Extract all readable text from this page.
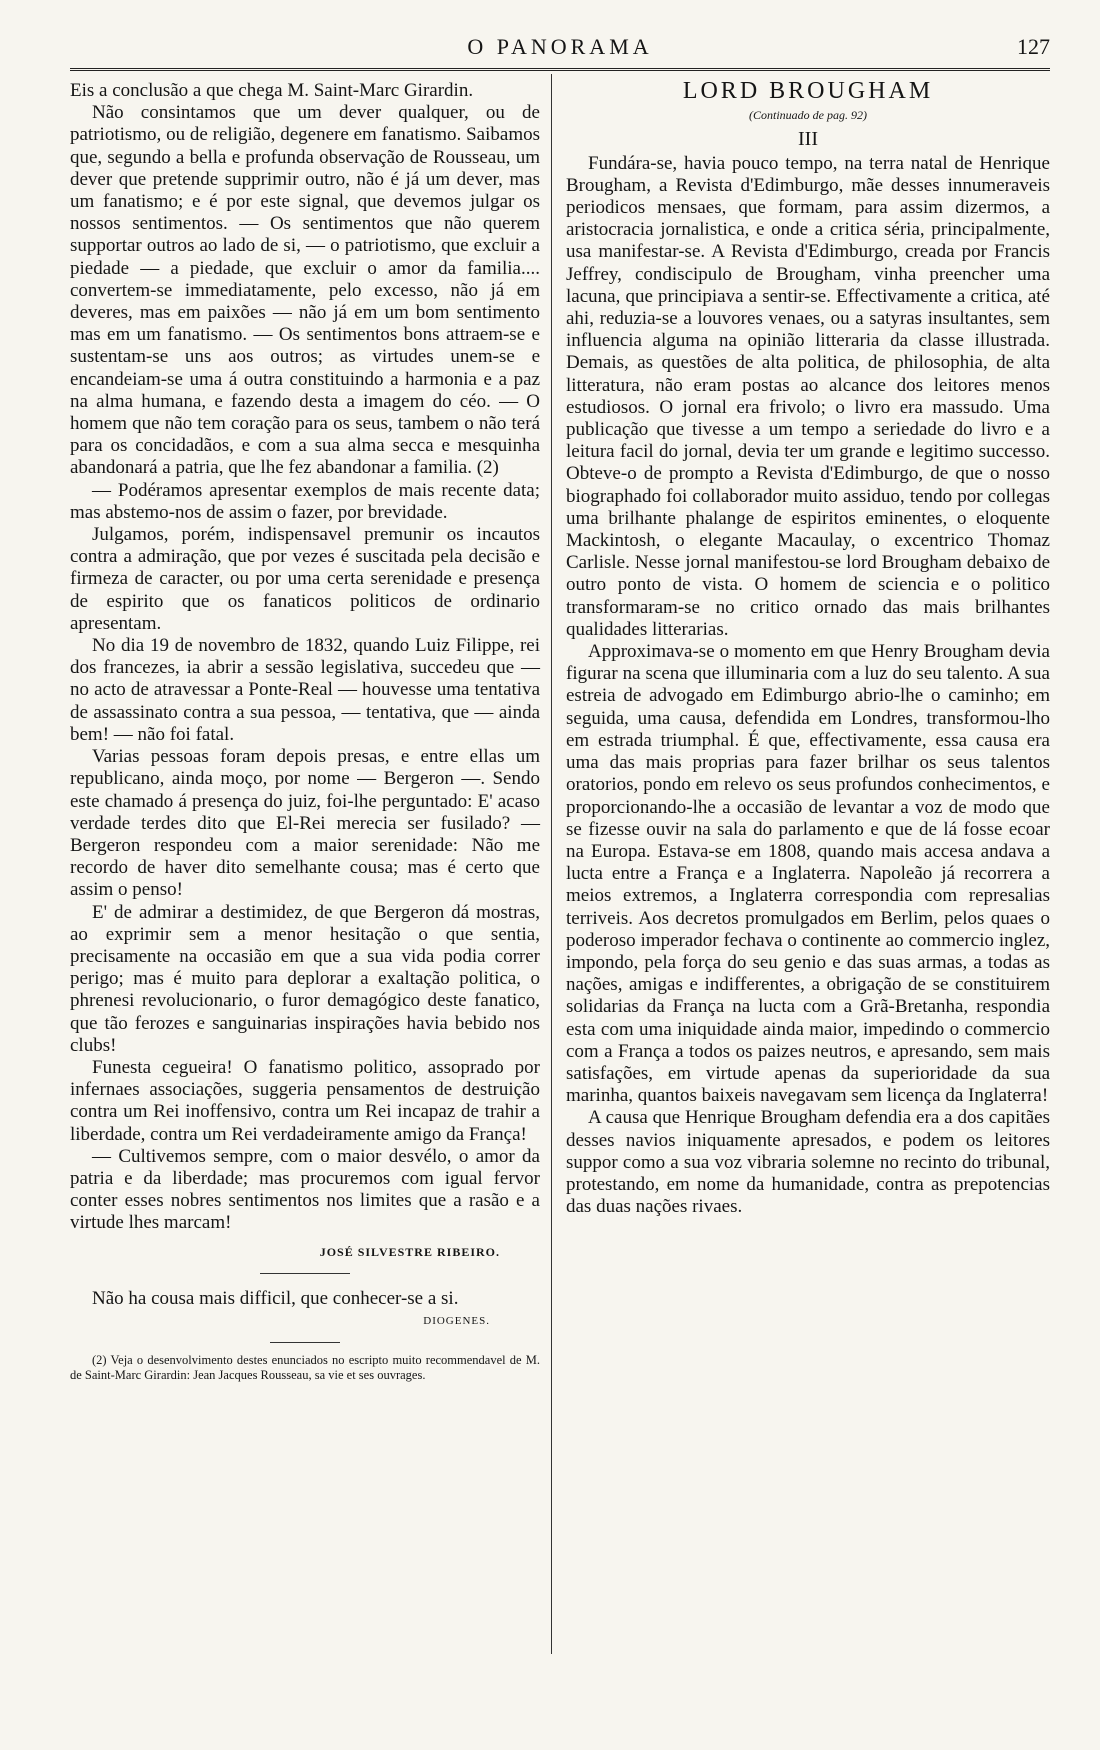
O PANORAMA	127

Eis a conclusão a que chega M. Saint-Marc Girardin.

Não consintamos que um dever qualquer, ou de patriotismo, ou de religião, degenere em fanatismo. Saibamos que, segundo a bella e profunda observação de Rousseau, um dever que pretende supprimir outro, não é já um dever, mas um fanatismo; e é por este signal, que devemos julgar os nossos sentimentos. — Os sentimentos que não querem supportar outros ao lado de si, — o patriotismo, que excluir a piedade — a piedade, que excluir o amor da familia.... convertem-se immediatamente, pelo excesso, não já em deveres, mas em paixões — não já em um bom sentimento mas em um fanatismo. — Os sentimentos bons attraem-se e sustentam-se uns aos outros; as virtudes unem-se e encandeiam-se uma á outra constituindo a harmonia e a paz na alma humana, e fazendo desta a imagem do céo. — O homem que não tem coração para os seus, tambem o não terá para os concidadãos, e com a sua alma secca e mesquinha abandonará a patria, que lhe fez abandonar a familia. (2)

— Podéramos apresentar exemplos de mais recente data; mas abstemo-nos de assim o fazer, por brevidade.

Julgamos, porém, indispensavel premunir os incautos contra a admiração, que por vezes é suscitada pela decisão e firmeza de caracter, ou por uma certa serenidade e presença de espirito que os fanaticos politicos de ordinario apresentam.

No dia 19 de novembro de 1832, quando Luiz Filippe, rei dos francezes, ia abrir a sessão legislativa, succedeu que — no acto de atravessar a Ponte-Real — houvesse uma tentativa de assassinato contra a sua pessoa, — tentativa, que — ainda bem! — não foi fatal.

Varias pessoas foram depois presas, e entre ellas um republicano, ainda moço, por nome — Bergeron —. Sendo este chamado á presença do juiz, foi-lhe perguntado: E' acaso verdade terdes dito que El-Rei merecia ser fusilado? — Bergeron respondeu com a maior serenidade: Não me recordo de haver dito semelhante cousa; mas é certo que assim o penso!

E' de admirar a destimidez, de que Bergeron dá mostras, ao exprimir sem a menor hesitação o que sentia, precisamente na occasião em que a sua vida podia correr perigo; mas é muito para deplorar a exaltação politica, o phrenesi revolucionario, o furor demagógico deste fanatico, que tão ferozes e sanguinarias inspirações havia bebido nos clubs!

Funesta cegueira! O fanatismo politico, assoprado por infernaes associações, suggeria pensamentos de destruição contra um Rei inoffensivo, contra um Rei incapaz de trahir a liberdade, contra um Rei verdadeiramente amigo da França!

— Cultivemos sempre, com o maior desvélo, o amor da patria e da liberdade; mas procuremos com igual fervor conter esses nobres sentimentos nos limites que a rasão e a virtude lhes marcam!

JOSÉ SILVESTRE RIBEIRO.

Não ha cousa mais difficil, que conhecer-se a si.

DIOGENES.

(2) Veja o desenvolvimento destes enunciados no escripto muito recommendavel de M. de Saint-Marc Girardin: Jean Jacques Rousseau, sa vie et ses ouvrages.

LORD BROUGHAM
(Continuado de pag. 92)
III

Fundára-se, havia pouco tempo, na terra natal de Henrique Brougham, a Revista d'Edimburgo, mãe desses innumeraveis periodicos mensaes, que formam, para assim dizermos, a aristocracia jornalistica, e onde a critica séria, principalmente, usa manifestar-se. A Revista d'Edimburgo, creada por Francis Jeffrey, condiscipulo de Brougham, vinha preencher uma lacuna, que principiava a sentir-se. Effectivamente a critica, até ahi, reduzia-se a louvores venaes, ou a satyras insultantes, sem influencia alguma na opinião litteraria da classe illustrada. Demais, as questões de alta politica, de philosophia, de alta litteratura, não eram postas ao alcance dos leitores menos estudiosos. O jornal era frivolo; o livro era massudo. Uma publicação que tivesse a um tempo a seriedade do livro e a leitura facil do jornal, devia ter um grande e legitimo successo. Obteve-o de prompto a Revista d'Edimburgo, de que o nosso biographado foi collaborador muito assiduo, tendo por collegas uma brilhante phalange de espiritos eminentes, o eloquente Mackintosh, o elegante Macaulay, o excentrico Thomaz Carlisle. Nesse jornal manifestou-se lord Brougham debaixo de outro ponto de vista. O homem de sciencia e o politico transformaram-se no critico ornado das mais brilhantes qualidades litterarias.

Approximava-se o momento em que Henry Brougham devia figurar na scena que illuminaria com a luz do seu talento. A sua estreia de advogado em Edimburgo abrio-lhe o caminho; em seguida, uma causa, defendida em Londres, transformou-lho em estrada triumphal. É que, effectivamente, essa causa era uma das mais proprias para fazer brilhar os seus talentos oratorios, pondo em relevo os seus profundos conhecimentos, e proporcionando-lhe a occasião de levantar a voz de modo que se fizesse ouvir na sala do parlamento e que de lá fosse ecoar na Europa. Estava-se em 1808, quando mais accesa andava a lucta entre a França e a Inglaterra. Napoleão já recorrera a meios extremos, a Inglaterra correspondia com represalias terriveis. Aos decretos promulgados em Berlim, pelos quaes o poderoso imperador fechava o continente ao commercio inglez, impondo, pela força do seu genio e das suas armas, a todas as nações, amigas e indifferentes, a obrigação de se constituirem solidarias da França na lucta com a Grã-Bretanha, respondia esta com uma iniquidade ainda maior, impedindo o commercio com a França a todos os paizes neutros, e apresando, sem mais satisfações, em virtude apenas da superioridade da sua marinha, quantos baixeis navegavam sem licença da Inglaterra!

A causa que Henrique Brougham defendia era a dos capitães desses navios iniquamente apresados, e podem os leitores suppor como a sua voz vibraria solemne no recinto do tribunal, protestando, em nome da humanidade, contra as prepotencias das duas nações rivaes.
